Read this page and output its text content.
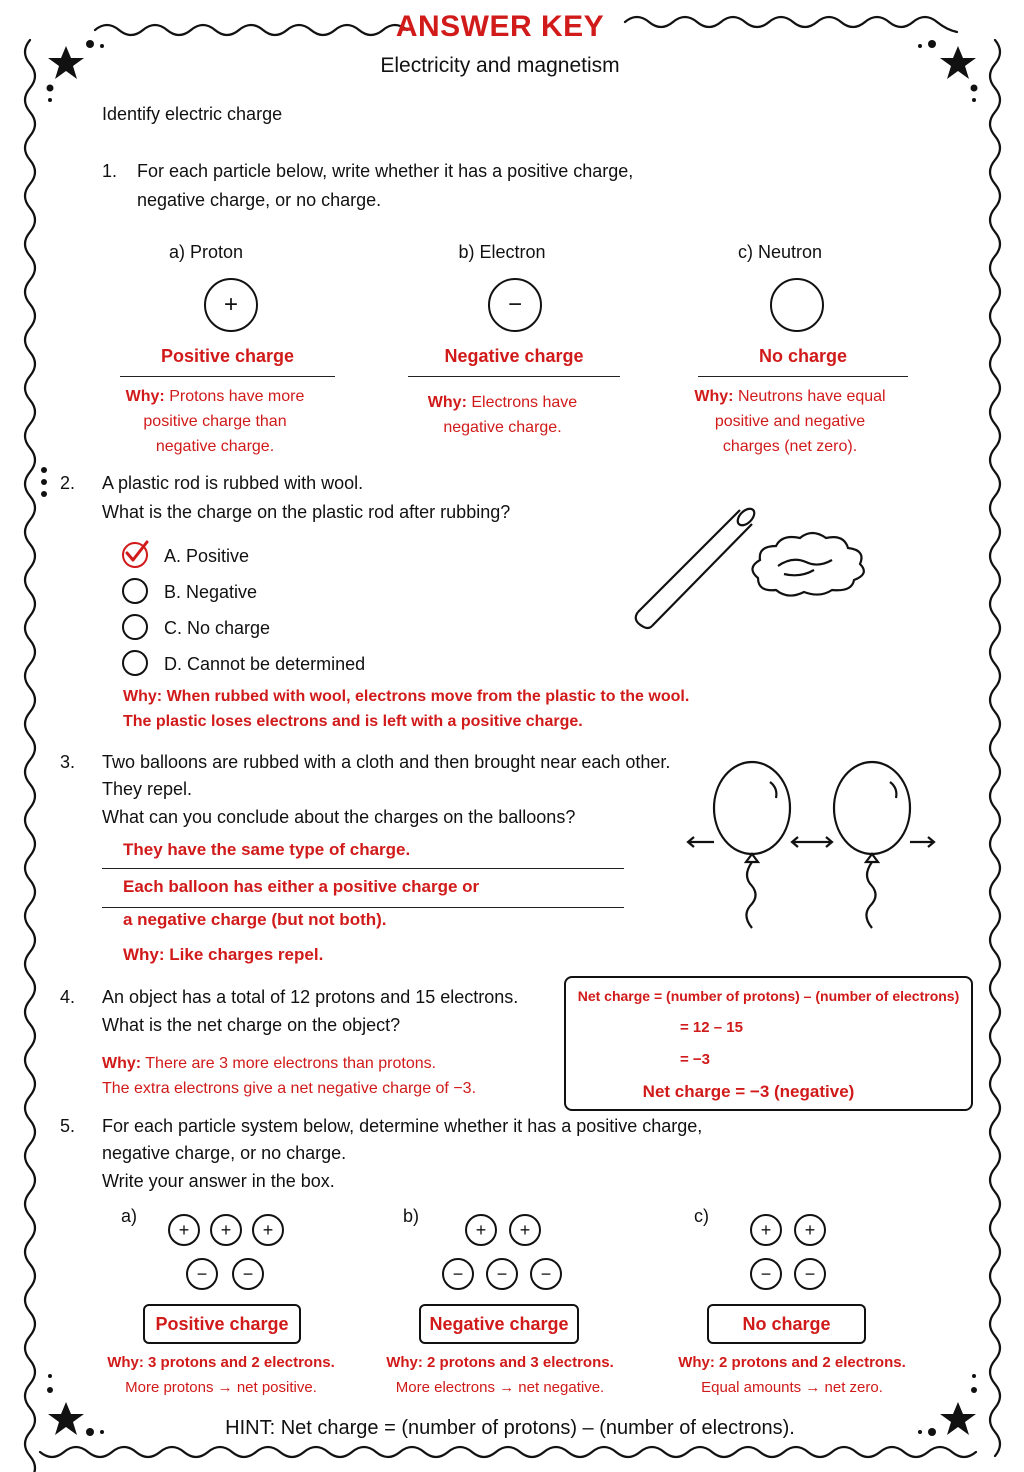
ANSWER KEY
Electricity and magnetism
Identify electric charge
1. For each particle below, write whether it has a positive charge,
negative charge, or no charge.
a) Proton
+
Positive charge
Why: Protons have more
positive charge than
negative charge.
b) Electron
−
Negative charge
Why: Electrons have
negative charge.
c) Neutron
No charge
Why: Neutrons have equal
positive and negative
charges (net zero).
2. A plastic rod is rubbed with wool.
What is the charge on the plastic rod after rubbing?
A. Positive
B. Negative
C. No charge
D. Cannot be determined
Why: When rubbed with wool, electrons move from the plastic to the wool.
The plastic loses electrons and is left with a positive charge.
3. Two balloons are rubbed with a cloth and then brought near each other.
They repel.
What can you conclude about the charges on the balloons?
They have the same type of charge.
Each balloon has either a positive charge or
a negative charge (but not both).
Why: Like charges repel.
4. An object has a total of 12 protons and 15 electrons.
What is the net charge on the object?
Why: There are 3 more electrons than protons.
The extra electrons give a net negative charge of −3.
Net charge = (number of protons) – (number of electrons)
= 12 – 15
= −3
Net charge = −3 (negative)
5. For each particle system below, determine whether it has a positive charge,
negative charge, or no charge.
Write your answer in the box.
a)
+	+	+
−	−
Positive charge
Why: 3 protons and 2 electrons.
More protons → net positive.
b)
+	+
−	−	−
Negative charge
Why: 2 protons and 3 electrons.
More electrons → net negative.
c)
+	+
−	−
No charge
Why: 2 protons and 2 electrons.
Equal amounts → net zero.
HINT: Net charge = (number of protons) – (number of electrons).
